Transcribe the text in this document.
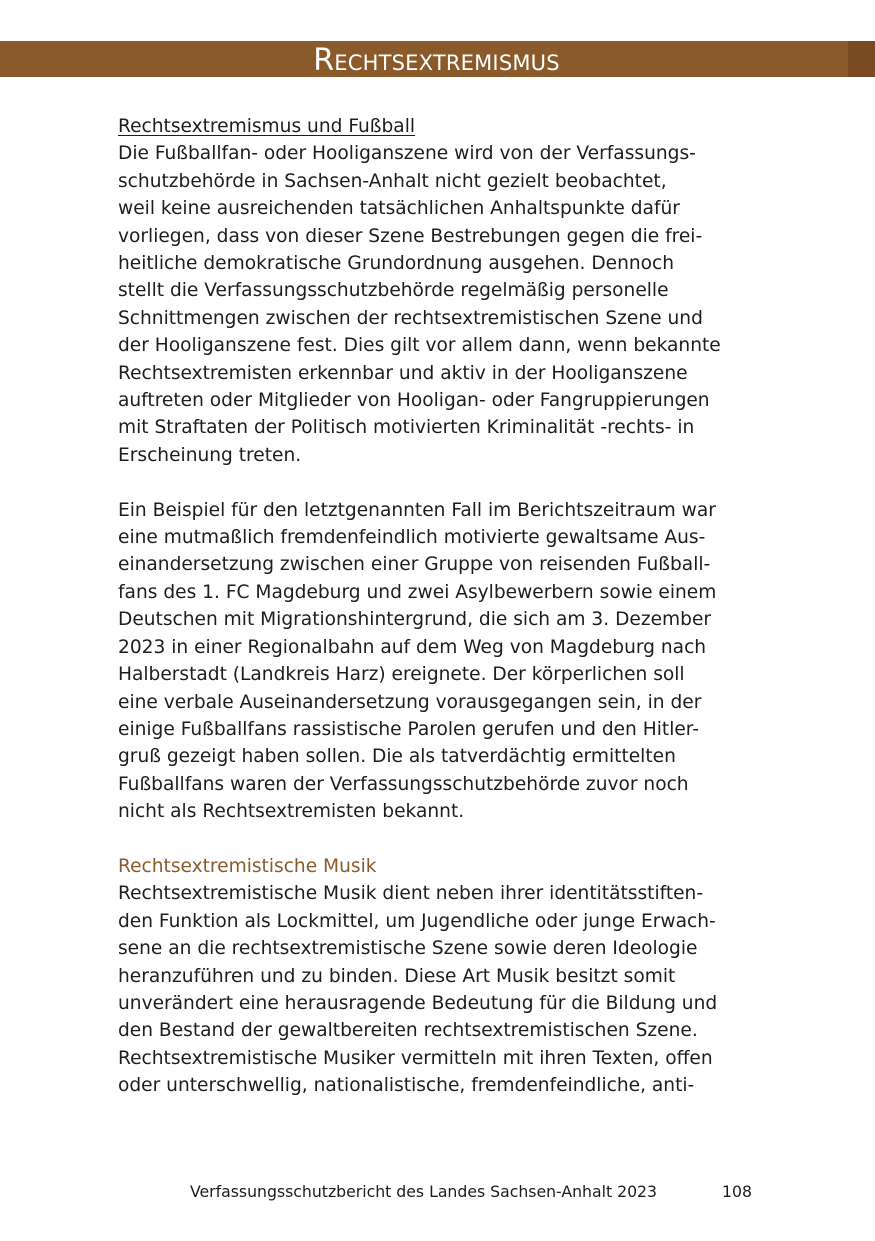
Rechtsextremismus
Rechtsextremismus und Fußball
Die Fußballfan- oder Hooliganszene wird von der Verfassungs-
schutzbehörde in Sachsen-Anhalt nicht gezielt beobachtet,
weil keine ausreichenden tatsächlichen Anhaltspunkte dafür
vorliegen, dass von dieser Szene Bestrebungen gegen die frei-
heitliche demokratische Grundordnung ausgehen. Dennoch
stellt die Verfassungsschutzbehörde regelmäßig personelle
Schnittmengen zwischen der rechtsextremistischen Szene und
der Hooliganszene fest. Dies gilt vor allem dann, wenn bekannte
Rechtsextremisten erkennbar und aktiv in der Hooliganszene
auftreten oder Mitglieder von Hooligan- oder Fangruppierungen
mit Straftaten der Politisch motivierten Kriminalität -rechts- in
Erscheinung treten.
Ein Beispiel für den letztgenannten Fall im Berichtszeitraum war
eine mutmaßlich fremdenfeindlich motivierte gewaltsame Aus-
einandersetzung zwischen einer Gruppe von reisenden Fußball-
fans des 1. FC Magdeburg und zwei Asylbewerbern sowie einem
Deutschen mit Migrationshintergrund, die sich am 3. Dezember
2023 in einer Regionalbahn auf dem Weg von Magdeburg nach
Halberstadt (Landkreis Harz) ereignete. Der körperlichen soll
eine verbale Auseinandersetzung vorausgegangen sein, in der
einige Fußballfans rassistische Parolen gerufen und den Hitler-
gruß gezeigt haben sollen. Die als tatverdächtig ermittelten
Fußballfans waren der Verfassungsschutzbehörde zuvor noch
nicht als Rechtsextremisten bekannt.
Rechtsextremistische Musik
Rechtsextremistische Musik dient neben ihrer identitätsstiften-
den Funktion als Lockmittel, um Jugendliche oder junge Erwach-
sene an die rechtsextremistische Szene sowie deren Ideologie
heranzuführen und zu binden. Diese Art Musik besitzt somit
unverändert eine herausragende Bedeutung für die Bildung und
den Bestand der gewaltbereiten rechtsextremistischen Szene.
Rechtsextremistische Musiker vermitteln mit ihren Texten, offen
oder unterschwellig, nationalistische, fremdenfeindliche, anti-
Verfassungsschutzbericht des Landes Sachsen-Anhalt 2023	108
